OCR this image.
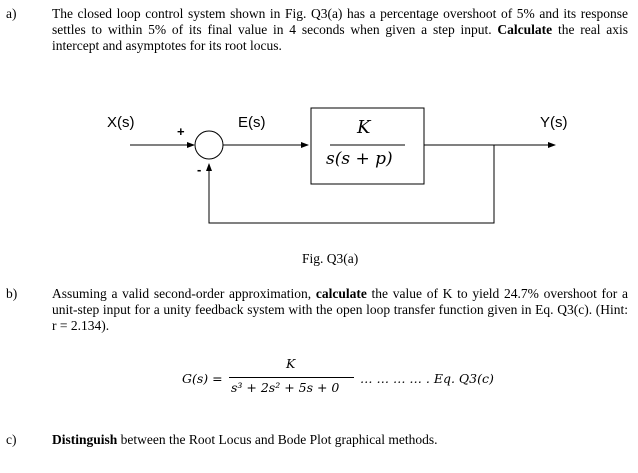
a)	The closed loop control system shown in Fig. Q3(a) has a percentage overshoot of 5% and its response settles to within 5% of its final value in 4 seconds when given a step input. Calculate the real axis intercept and asymptotes for its root locus.
X(s)	E(s)	Y(s)
+
-
K
s(s + p)
Fig. Q3(a)
b)	Assuming a valid second-order approximation, calculate the value of K to yield 24.7% overshoot for a unit-step input for a unity feedback system with the open loop transfer function given in Eq. Q3(c). (Hint: r = 2.134).
G(s) =
K
s³ + 2s² + 5s + 0
… … … … . Eq. Q3(c)
c)	Distinguish between the Root Locus and Bode Plot graphical methods.
